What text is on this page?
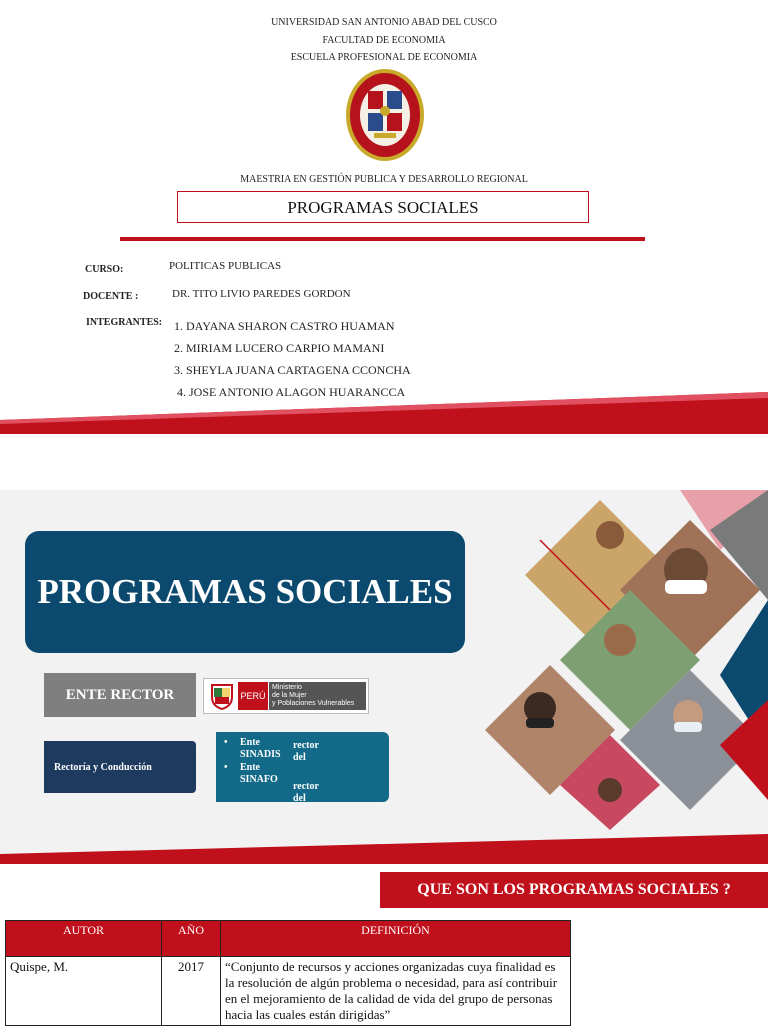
UNIVERSIDAD SAN ANTONIO ABAD DEL CUSCO
FACULTAD DE ECONOMIA
ESCUELA PROFESIONAL DE ECONOMIA
MAESTRIA EN GESTIÓN PUBLICA Y DESARROLLO REGIONAL
PROGRAMAS SOCIALES
CURSO:	POLITICAS PUBLICAS
DOCENTE :	DR. TITO LIVIO PAREDES GORDON
INTEGRANTES: 1. DAYANA SHARON CASTRO HUAMAN
2. MIRIAM LUCERO CARPIO MAMANI
3. SHEYLA JUANA CARTAGENA CCONCHA
4. JOSE ANTONIO ALAGON HUARANCCA
PROGRAMAS SOCIALES
ENTE RECTOR	PERÚ
Ministerio
de la Mujer
y Poblaciones Vulnerables
Rectoría y Conducción
• Ente SINADIS
rector del
• Ente SINAFO
rector del
QUE SON LOS PROGRAMAS SOCIALES ?
AUTOR	AÑO	DEFINICIÓN
Quispe, M.	2017	“Conjunto de recursos y acciones organizadas cuya finalidad es la resolución de algún problema o necesidad, para así contribuir en el mejoramiento de la calidad de vida del grupo de personas hacia las cuales están dirigidas”
